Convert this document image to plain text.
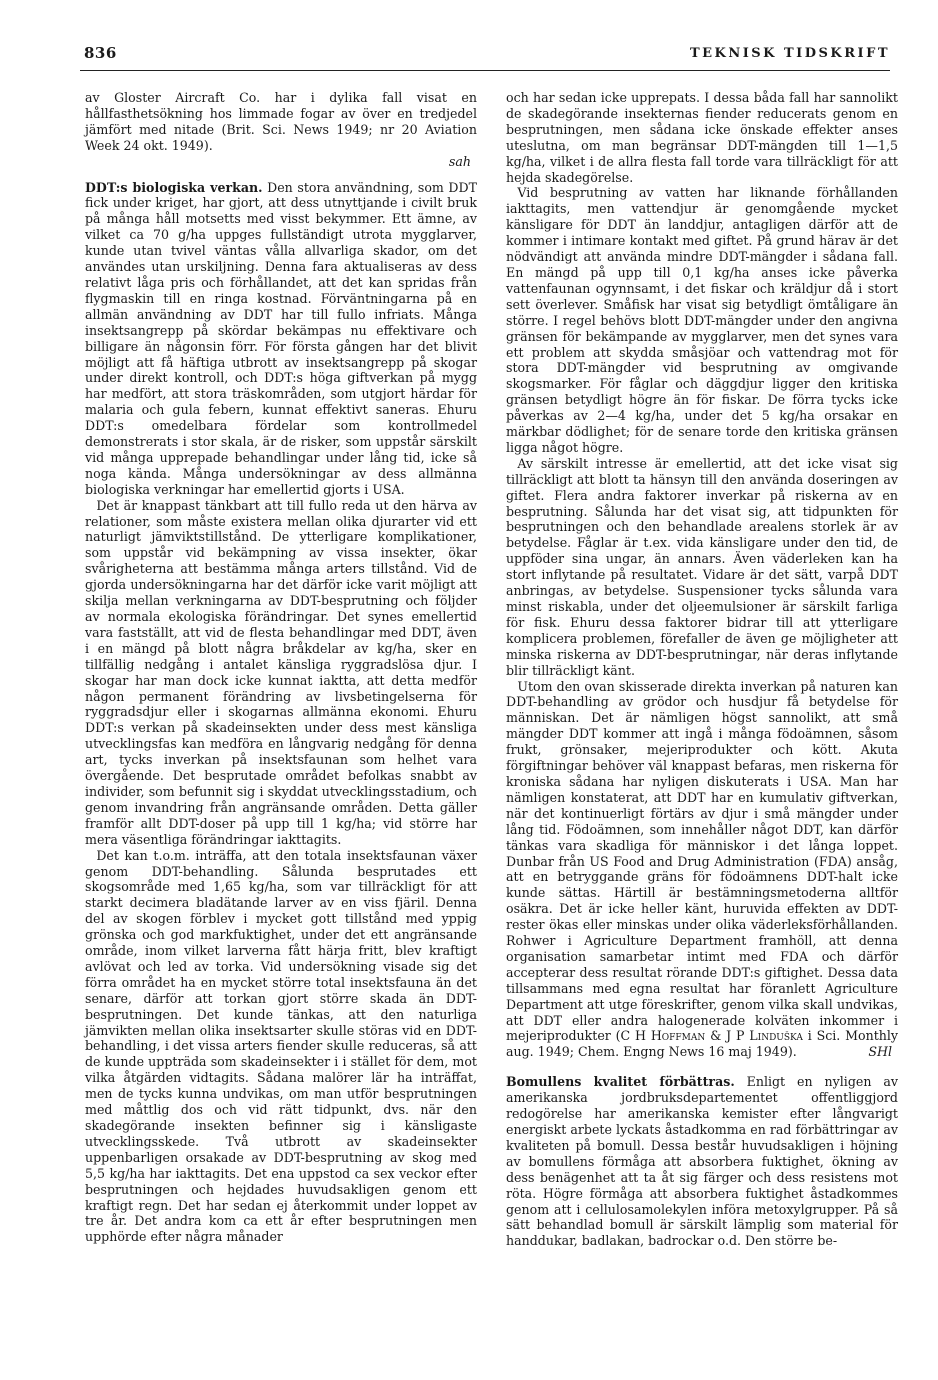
836	TEKNISK TIDSKRIFT

av Gloster Aircraft Co. har i dylika fall visat en hållfasthetsökning hos limmade fogar av över en tredjedel jämfört med nitade (Brit. Sci. News 1949; nr 20 Aviation Week 24 okt. 1949).
sah

DDT:s biologiska verkan. Den stora användning, som DDT fick under kriget, har gjort, att dess utnyttjande i civilt bruk på många håll motsetts med visst bekymmer. Ett ämne, av vilket ca 70 g/ha uppges fullständigt utrota mygglarver, kunde utan tvivel väntas vålla allvarliga skador, om det användes utan urskiljning. Denna fara aktualiseras av dess relativt låga pris och förhållandet, att det kan spridas från flygmaskin till en ringa kostnad. Förväntningarna på en allmän användning av DDT har till fullo infriats. Många insektsangrepp på skördar bekämpas nu effektivare och billigare än någonsin förr. För första gången har det blivit möjligt att få häftiga utbrott av insektsangrepp på skogar under direkt kontroll, och DDT:s höga giftverkan på mygg har medfört, att stora träskområden, som utgjort härdar för malaria och gula febern, kunnat effektivt saneras. Ehuru DDT:s omedelbara fördelar som kontrollmedel demonstrerats i stor skala, är de risker, som uppstår särskilt vid många upprepade behandlingar under lång tid, icke så noga kända. Många undersökningar av dess allmänna biologiska verkningar har emellertid gjorts i USA.

Det är knappast tänkbart att till fullo reda ut den härva av relationer, som måste existera mellan olika djurarter vid ett naturligt jämviktstillstånd. De ytterligare komplikationer, som uppstår vid bekämpning av vissa insekter, ökar svårigheterna att bestämma många arters tillstånd. Vid de gjorda undersökningarna har det därför icke varit möjligt att skilja mellan verkningarna av DDT-besprutning och följder av normala ekologiska förändringar. Det synes emellertid vara fastställt, att vid de flesta behandlingar med DDT, även i en mängd på blott några bråkdelar av kg/ha, sker en tillfällig nedgång i antalet känsliga ryggradslösa djur. I skogar har man dock icke kunnat iaktta, att detta medför någon permanent förändring av livsbetingelserna för ryggradsdjur eller i skogarnas allmänna ekonomi. Ehuru DDT:s verkan på skadeinsekten under dess mest känsliga utvecklingsfas kan medföra en långvarig nedgång för denna art, tycks inverkan på insektsfaunan som helhet vara övergående. Det besprutade området befolkas snabbt av individer, som befunnit sig i skyddat utvecklingsstadium, och genom invandring från angränsande områden. Detta gäller framför allt DDT-doser på upp till 1 kg/ha; vid större har mera väsentliga förändringar iakttagits.

Det kan t.o.m. inträffa, att den totala insektsfaunan växer genom DDT-behandling. Sålunda besprutades ett skogsområde med 1,65 kg/ha, som var tillräckligt för att starkt decimera bladätande larver av en viss fjäril. Denna del av skogen förblev i mycket gott tillstånd med yppig grönska och god markfuktighet, under det ett angränsande område, inom vilket larverna fått härja fritt, blev kraftigt avlövat och led av torka. Vid undersökning visade sig det förra området ha en mycket större total insektsfauna än det senare, därför att torkan gjort större skada än DDT-besprutningen. Det kunde tänkas, att den naturliga jämvikten mellan olika insektsarter skulle störas vid en DDT-behandling, i det vissa arters fiender skulle reduceras, så att de kunde uppträda som skadeinsekter i i stället för dem, mot vilka åtgärden vidtagits. Sådana malörer lär ha inträffat, men de tycks kunna undvikas, om man utför besprutningen med måttlig dos och vid rätt tidpunkt, dvs. när den skadegörande insekten befinner sig i känsligaste utvecklingsskede. Två utbrott av skadeinsekter uppenbarligen orsakade av DDT-besprutning av skog med 5,5 kg/ha har iakttagits. Det ena uppstod ca sex veckor efter besprutningen och hejdades huvudsakligen genom ett kraftigt regn. Det har sedan ej återkommit under loppet av tre år. Det andra kom ca ett år efter besprutningen men upphörde efter några månader

och har sedan icke upprepats. I dessa båda fall har sannolikt de skadegörande insekternas fiender reducerats genom en besprutningen, men sådana icke önskade effekter anses uteslutna, om man begränsar DDT-mängden till 1—1,5 kg/ha, vilket i de allra flesta fall torde vara tillräckligt för att hejda skadegörelse.

Vid besprutning av vatten har liknande förhållanden iakttagits, men vattendjur är genomgående mycket känsligare för DDT än landdjur, antagligen därför att de kommer i intimare kontakt med giftet. På grund härav är det nödvändigt att använda mindre DDT-mängder i sådana fall. En mängd på upp till 0,1 kg/ha anses icke påverka vattenfaunan ogynnsamt, i det fiskar och kräldjur då i stort sett överlever. Småfisk har visat sig betydligt ömtåligare än större. I regel behövs blott DDT-mängder under den angivna gränsen för bekämpande av mygglarver, men det synes vara ett problem att skydda småsjöar och vattendrag mot för stora DDT-mängder vid besprutning av omgivande skogsmarker. För fåglar och däggdjur ligger den kritiska gränsen betydligt högre än för fiskar. De förra tycks icke påverkas av 2—4 kg/ha, under det 5 kg/ha orsakar en märkbar dödlighet; för de senare torde den kritiska gränsen ligga något högre.

Av särskilt intresse är emellertid, att det icke visat sig tillräckligt att blott ta hänsyn till den använda doseringen av giftet. Flera andra faktorer inverkar på riskerna av en besprutning. Sålunda har det visat sig, att tidpunkten för besprutningen och den behandlade arealens storlek är av betydelse. Fåglar är t.ex. vida känsligare under den tid, de uppföder sina ungar, än annars. Även väderleken kan ha stort inflytande på resultatet. Vidare är det sätt, varpå DDT anbringas, av betydelse. Suspensioner tycks sålunda vara minst riskabla, under det oljeemulsioner är särskilt farliga för fisk. Ehuru dessa faktorer bidrar till att ytterligare komplicera problemen, förefaller de även ge möjligheter att minska riskerna av DDT-besprutningar, när deras inflytande blir tillräckligt känt.

Utom den ovan skisserade direkta inverkan på naturen kan DDT-behandling av grödor och husdjur få betydelse för människan. Det är nämligen högst sannolikt, att små mängder DDT kommer att ingå i många födoämnen, såsom frukt, grönsaker, mejeriprodukter och kött. Akuta förgiftningar behöver väl knappast befaras, men riskerna för kroniska sådana har nyligen diskuterats i USA. Man har nämligen konstaterat, att DDT har en kumulativ giftverkan, när det kontinuerligt förtärs av djur i små mängder under lång tid. Födoämnen, som innehåller något DDT, kan därför tänkas vara skadliga för människor i det långa loppet. Dunbar från US Food and Drug Administration (FDA) ansåg, att en betryggande gräns för födoämnens DDT-halt icke kunde sättas. Härtill är bestämningsmetoderna alltför osäkra. Det är icke heller känt, huruvida effekten av DDT-rester ökas eller minskas under olika väderleksförhållanden. Rohwer i Agriculture Department framhöll, att denna organisation samarbetar intimt med FDA och därför accepterar dess resultat rörande DDT:s giftighet. Dessa data tillsammans med egna resultat har föranlett Agriculture Department att utge föreskrifter, genom vilka skall undvikas, att DDT eller andra halogenerade kolväten inkommer i mejeriprodukter (C H Hoffman & J P Linduška i Sci. Monthly aug. 1949; Chem. Engng News 16 maj 1949).	SHl

Bomullens kvalitet förbättras. Enligt en nyligen av amerikanska jordbruksdepartementet offentliggjord redogörelse har amerikanska kemister efter långvarigt energiskt arbete lyckats åstadkomma en rad förbättringar av kvaliteten på bomull. Dessa består huvudsakligen i höjning av bomullens förmåga att absorbera fuktighet, ökning av dess benägenhet att ta åt sig färger och dess resistens mot röta. Högre förmåga att absorbera fuktighet åstadkommes genom att i cellulosamolekylen införa metoxylgrupper. På så sätt behandlad bomull är särskilt lämplig som material för handdukar, badlakan, badrockar o.d. Den större be-
